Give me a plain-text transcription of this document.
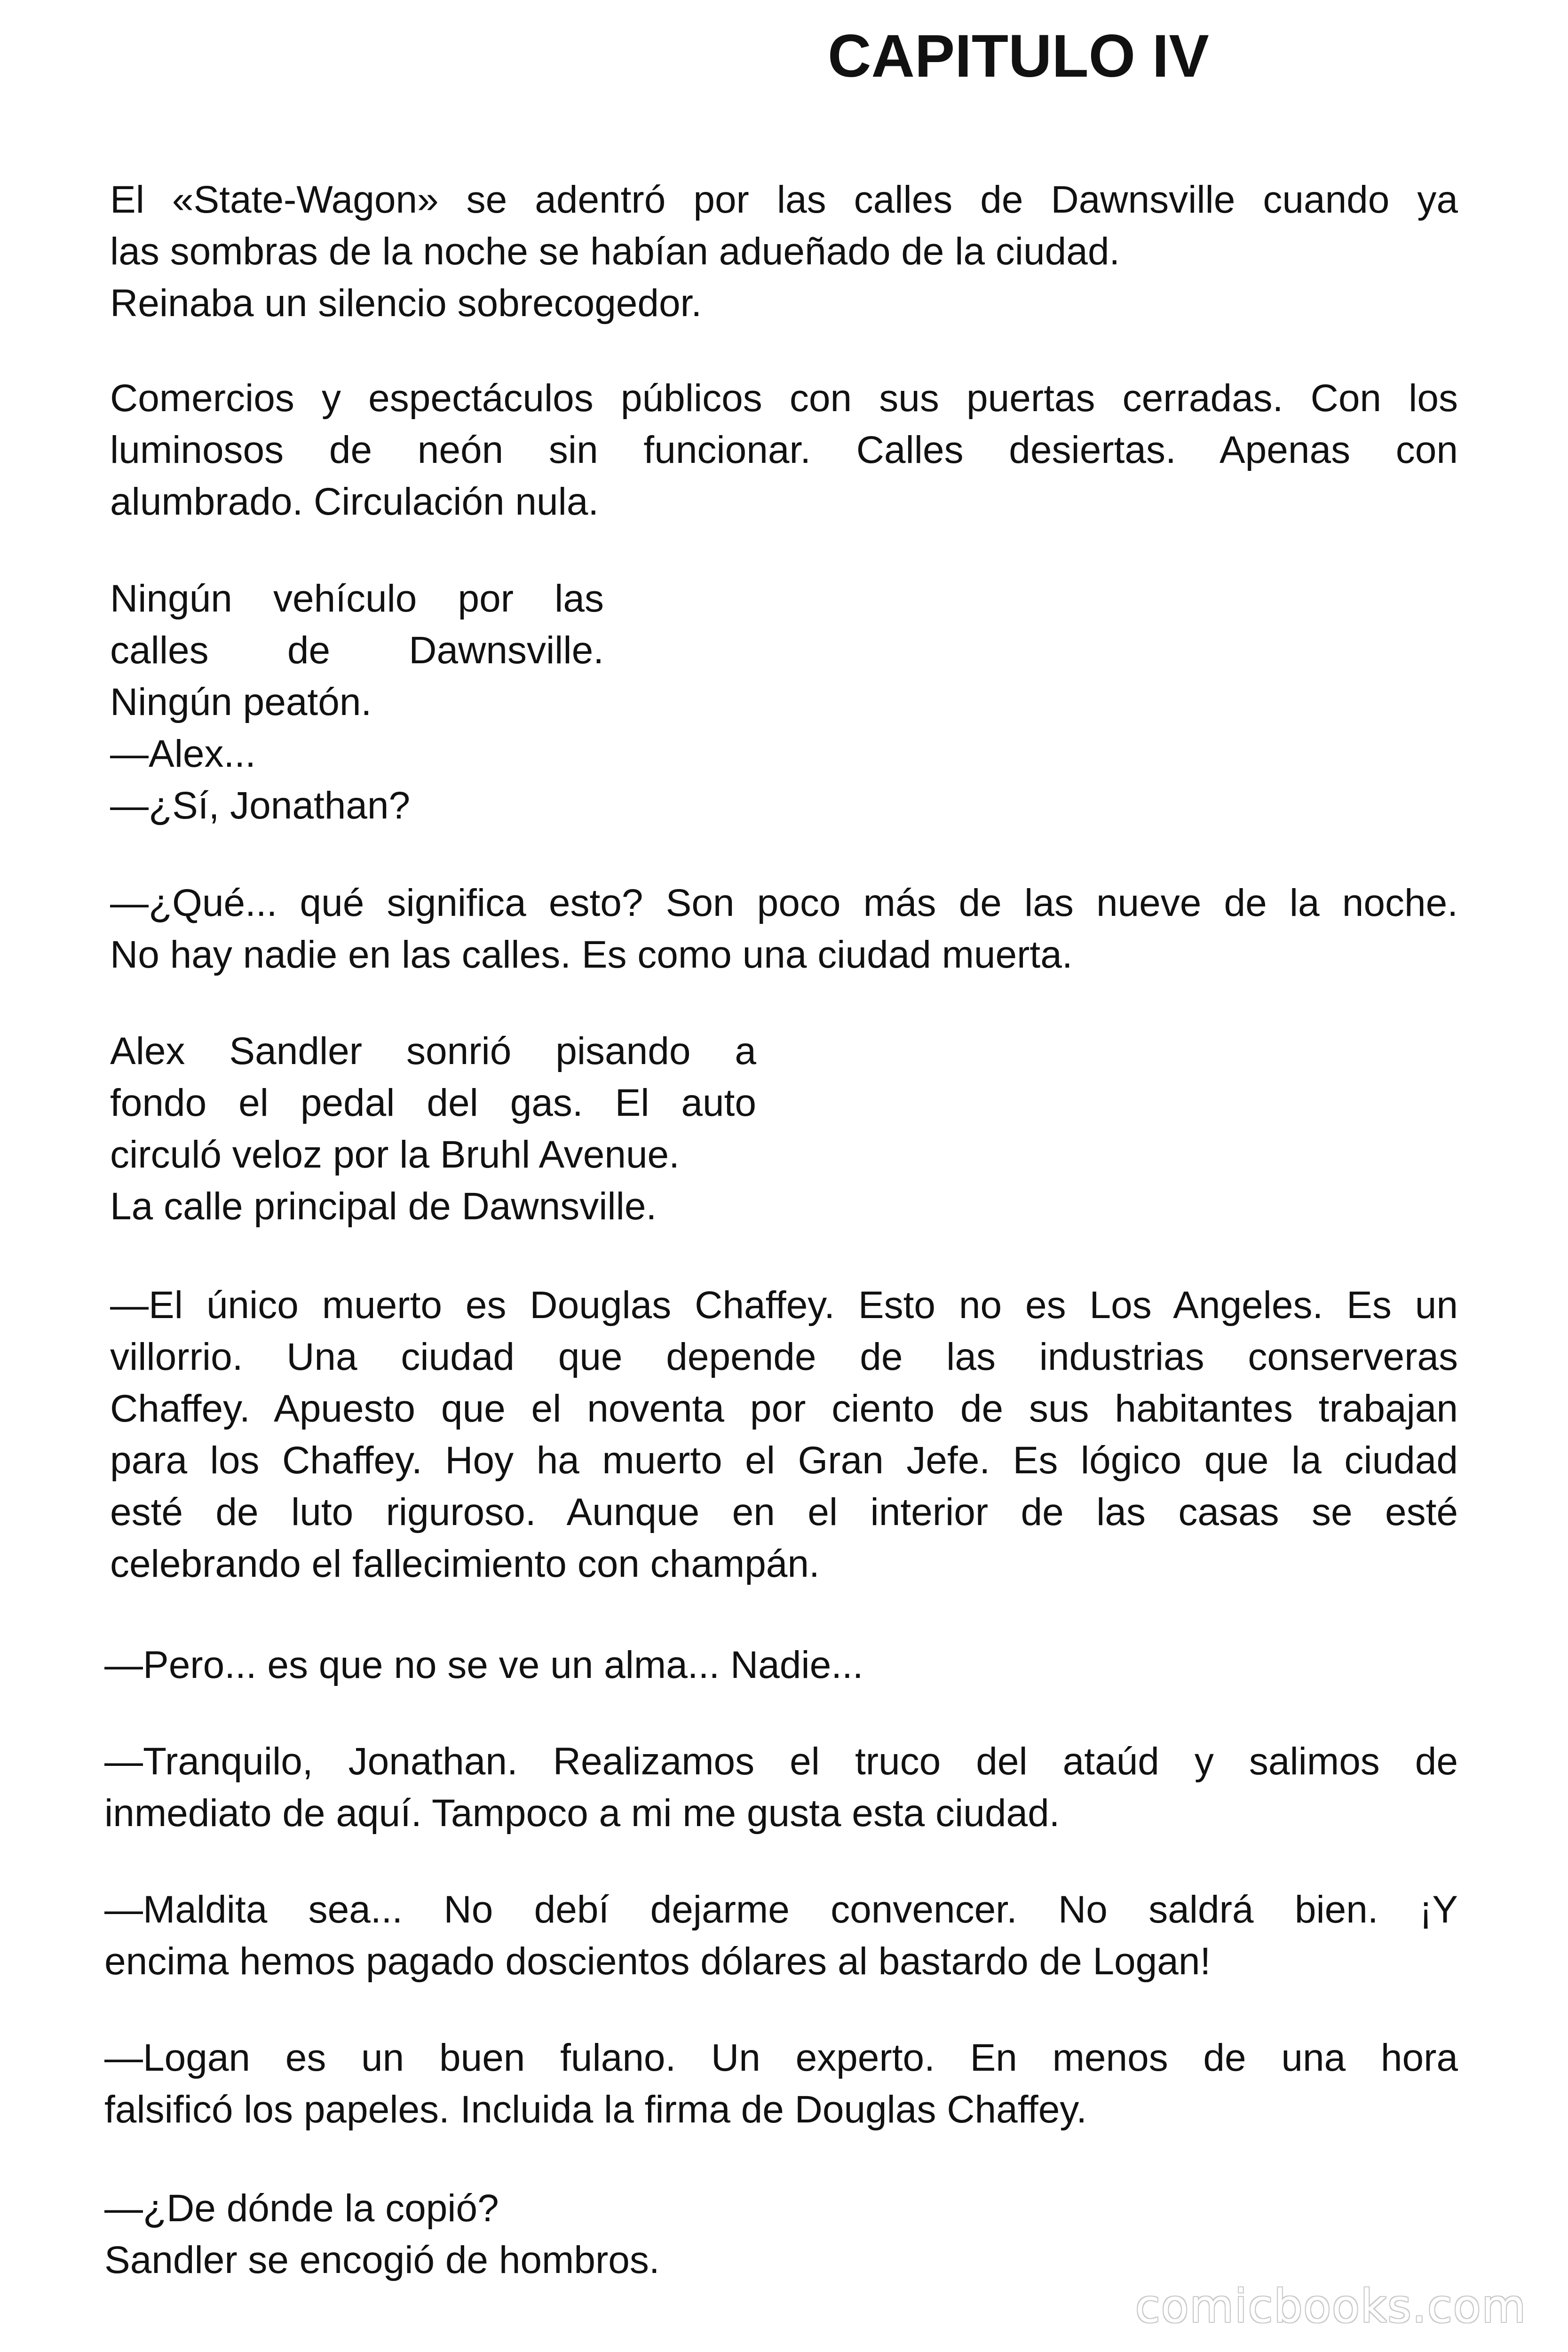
CAPITULO IV
El «State-Wagon» se adentró por las calles de Dawnsville cuando ya
las sombras de la noche se habían adueñado de la ciudad.
Reinaba un silencio sobrecogedor.
Comercios y espectáculos públicos con sus puertas cerradas. Con los
luminosos de neón sin funcionar. Calles desiertas. Apenas con
alumbrado. Circulación nula.
Ningún vehículo por las
calles de Dawnsville.
Ningún peatón.
—Alex...
—¿Sí, Jonathan?
—¿Qué... qué significa esto? Son poco más de las nueve de la noche.
No hay nadie en las calles. Es como una ciudad muerta.
Alex Sandler sonrió pisando a
fondo el pedal del gas. El auto
circuló veloz por la Bruhl Avenue.
La calle principal de Dawnsville.
—El único muerto es Douglas Chaffey. Esto no es Los Angeles. Es un
villorrio. Una ciudad que depende de las industrias conserveras
Chaffey. Apuesto que el noventa por ciento de sus habitantes trabajan
para los Chaffey. Hoy ha muerto el Gran Jefe. Es lógico que la ciudad
esté de luto riguroso. Aunque en el interior de las casas se esté
celebrando el fallecimiento con champán.
—Pero... es que no se ve un alma... Nadie...
—Tranquilo, Jonathan. Realizamos el truco del ataúd y salimos de
inmediato de aquí. Tampoco a mi me gusta esta ciudad.
—Maldita sea... No debí dejarme convencer. No saldrá bien. ¡Y
encima hemos pagado doscientos dólares al bastardo de Logan!
—Logan es un buen fulano. Un experto. En menos de una hora
falsificó los papeles. Incluida la firma de Douglas Chaffey.
—¿De dónde la copió?
Sandler se encogió de hombros.
comicbooks.com
